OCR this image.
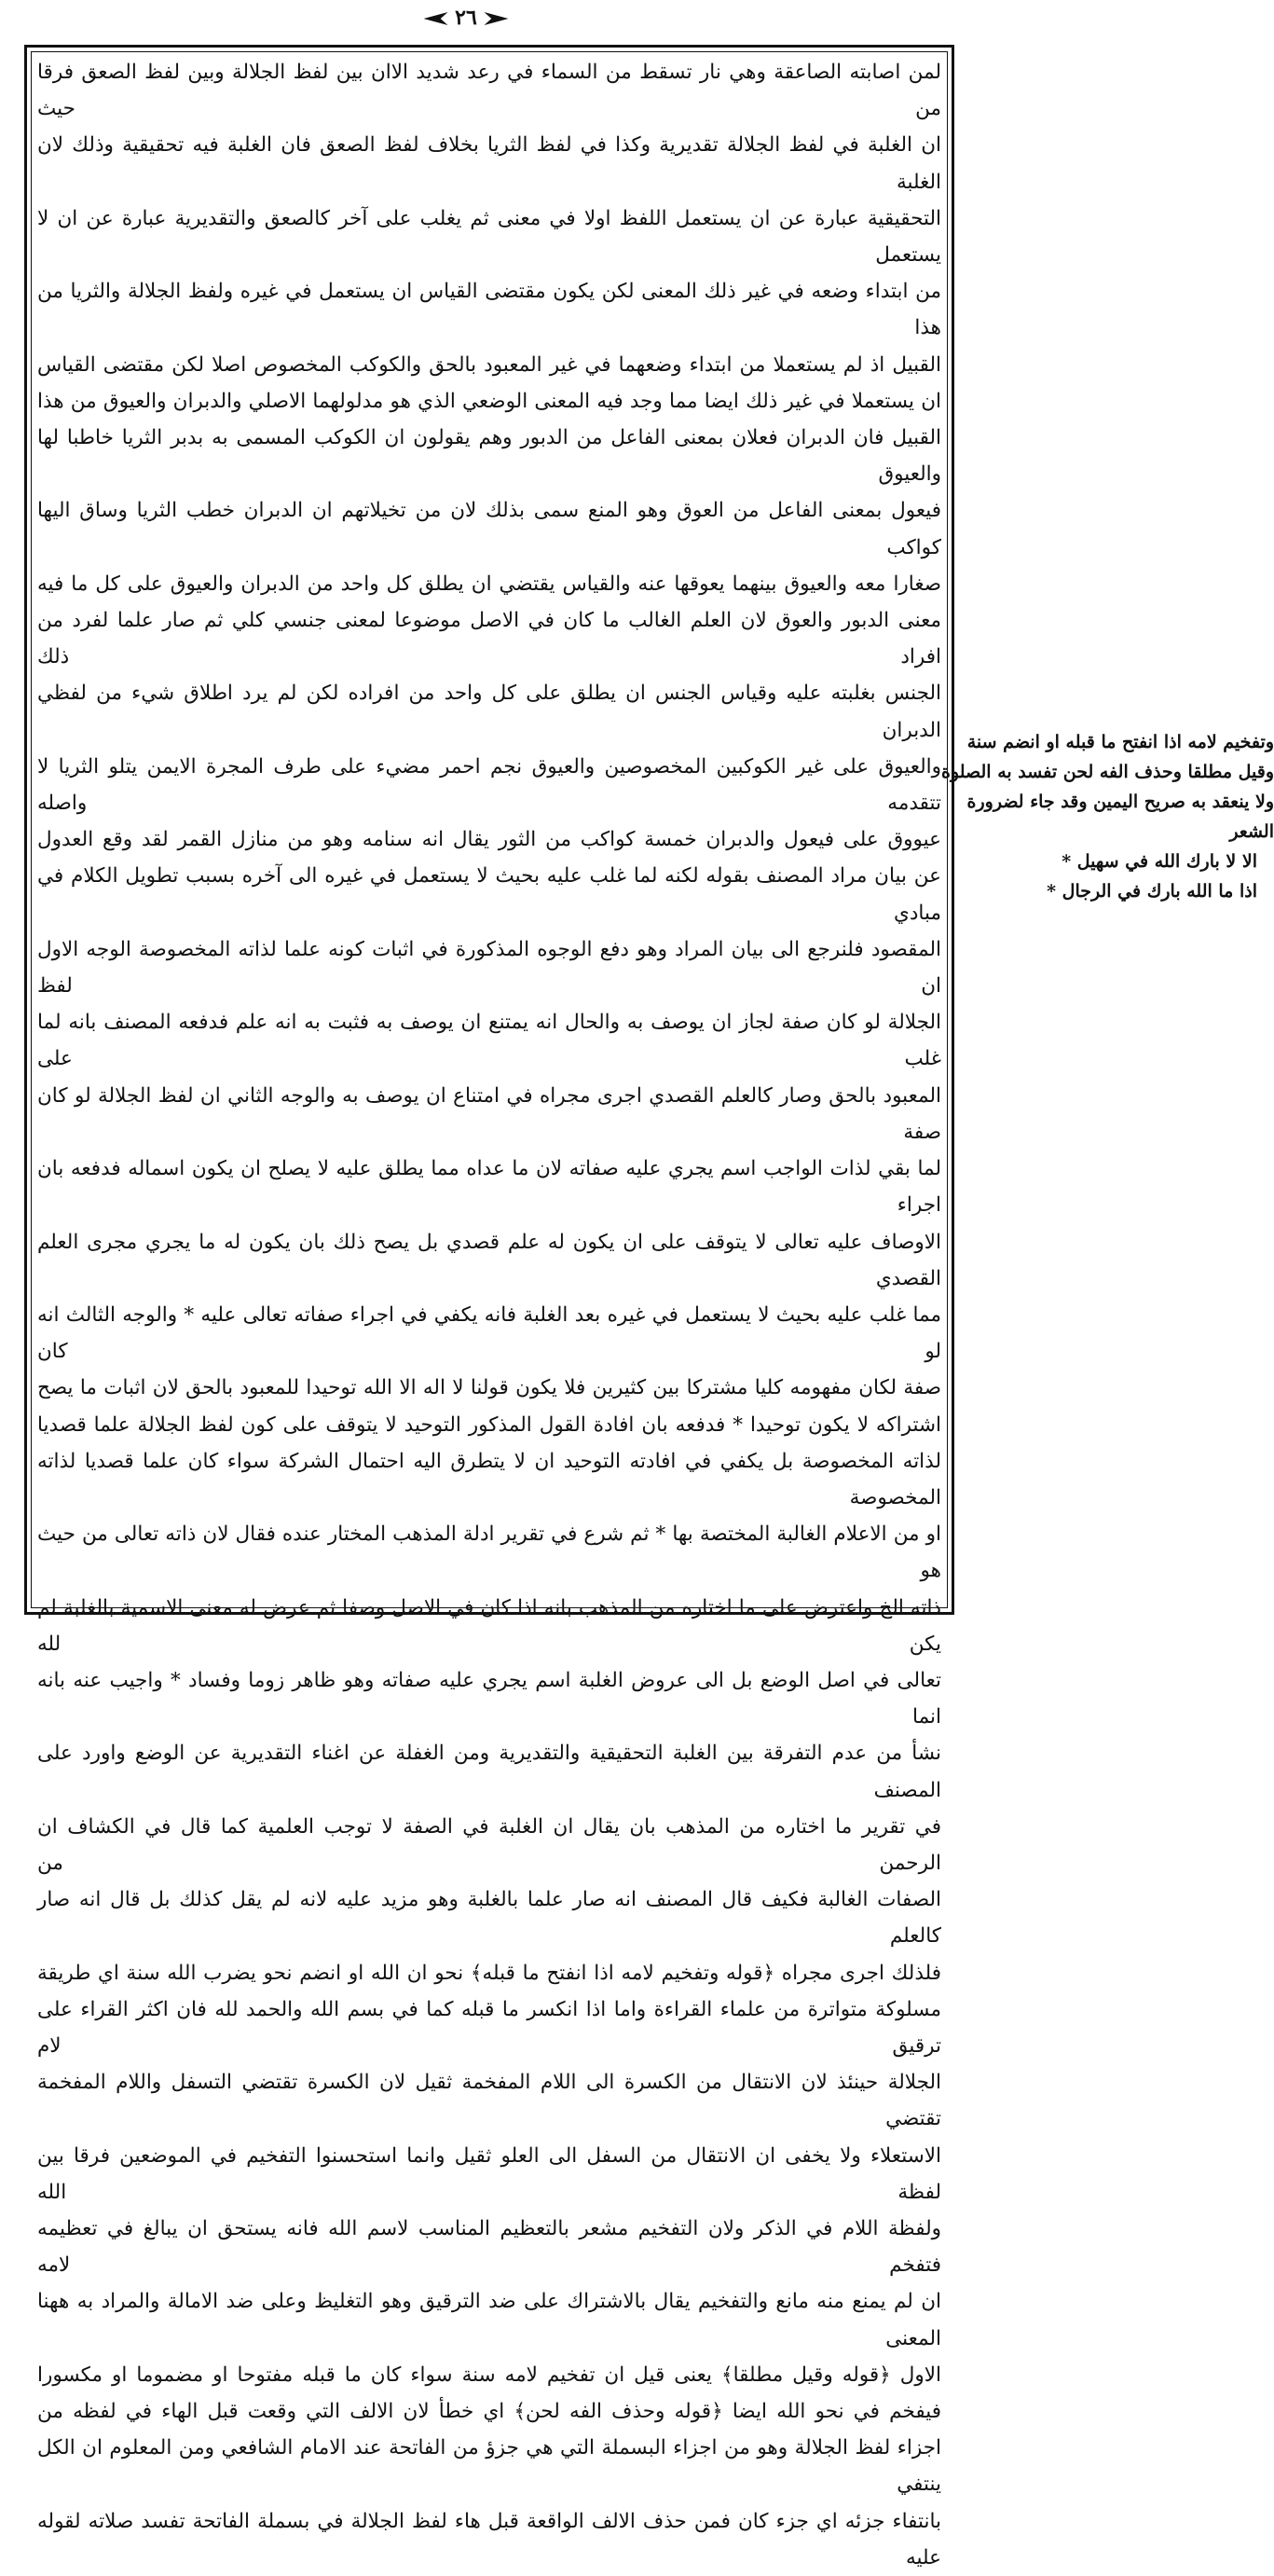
٢٦

لمن اصابته الصاعقة وهي نار تسقط من السماء في رعد شديد الاان بين لفظ الجلالة وبين لفظ الصعق فرقا من حيث

ان الغلبة في لفظ الجلالة تقديرية وكذا في لفظ الثريا بخلاف لفظ الصعق فان الغلبة فيه تحقيقية وذلك لان الغلبة

التحقيقية عبارة عن ان يستعمل اللفظ اولا في معنى ثم يغلب على آخر كالصعق والتقديرية عبارة عن ان لا يستعمل

من ابتداء وضعه في غير ذلك المعنى لكن يكون مقتضى القياس ان يستعمل في غيره ولفظ الجلالة والثريا من هذا

القبيل اذ لم يستعملا من ابتداء وضعهما في غير المعبود بالحق والكوكب المخصوص اصلا لكن مقتضى القياس

ان يستعملا في غير ذلك ايضا مما وجد فيه المعنى الوضعي الذي هو مدلولهما الاصلي والدبران والعيوق من هذا

القبيل فان الدبران فعلان بمعنى الفاعل من الدبور وهم يقولون ان الكوكب المسمى به بدبر الثريا خاطبا لها والعيوق

فيعول بمعنى الفاعل من العوق وهو المنع سمى بذلك لان من تخيلاتهم ان الدبران خطب الثريا وساق اليها كواكب

صغارا معه والعيوق بينهما يعوقها عنه والقياس يقتضي ان يطلق كل واحد من الدبران والعيوق على كل ما فيه

معنى الدبور والعوق لان العلم الغالب ما كان في الاصل موضوعا لمعنى جنسي كلي ثم صار علما لفرد من افراد ذلك

الجنس بغلبته عليه وقياس الجنس ان يطلق على كل واحد من افراده لكن لم يرد اطلاق شيء من لفظي الدبران

والعيوق على غير الكوكبين المخصوصين والعيوق نجم احمر مضيء على طرف المجرة الايمن يتلو الثريا لا تتقدمه واصله

عيووق على فيعول والدبران خمسة كواكب من الثور يقال انه سنامه وهو من منازل القمر لقد وقع العدول

عن بيان مراد المصنف بقوله لكنه لما غلب عليه بحيث لا يستعمل في غيره الى آخره بسبب تطويل الكلام في مبادي

المقصود فلنرجع الى بيان المراد وهو دفع الوجوه المذكورة في اثبات كونه علما لذاته المخصوصة الوجه الاول ان لفظ

الجلالة لو كان صفة لجاز ان يوصف به والحال انه يمتنع ان يوصف به فثبت به انه علم فدفعه المصنف بانه لما غلب على

المعبود بالحق وصار كالعلم القصدي اجرى مجراه في امتناع ان يوصف به والوجه الثاني ان لفظ الجلالة لو كان صفة

لما بقي لذات الواجب اسم يجري عليه صفاته لان ما عداه مما يطلق عليه لا يصلح ان يكون اسماله فدفعه بان اجراء

الاوصاف عليه تعالى لا يتوقف على ان يكون له علم قصدي بل يصح ذلك بان يكون له ما يجري مجرى العلم القصدي

مما غلب عليه بحيث لا يستعمل في غيره بعد الغلبة فانه يكفي في اجراء صفاته تعالى عليه * والوجه الثالث انه لو كان

صفة لكان مفهومه كليا مشتركا بين كثيرين فلا يكون قولنا لا اله الا الله توحيدا للمعبود بالحق لان اثبات ما يصح

اشتراكه لا يكون توحيدا * فدفعه بان افادة القول المذكور التوحيد لا يتوقف على كون لفظ الجلالة علما قصديا

لذاته المخصوصة بل يكفي في افادته التوحيد ان لا يتطرق اليه احتمال الشركة سواء كان علما قصديا لذاته المخصوصة

او من الاعلام الغالبة المختصة بها * ثم شرع في تقرير ادلة المذهب المختار عنده فقال لان ذاته تعالى من حيث هو

ذاته الخ واعترض على ما اختاره من المذهب بانه اذا كان في الاصل وصفا ثم عرض له معنى الاسمية بالغلبة لم يكن لله

تعالى في اصل الوضع بل الى عروض الغلبة اسم يجري عليه صفاته وهو ظاهر زوما وفساد * واجيب عنه بانه انما

نشأ من عدم التفرقة بين الغلبة التحقيقية والتقديرية ومن الغفلة عن اغناء التقديرية عن الوضع واورد على المصنف

في تقرير ما اختاره من المذهب بان يقال ان الغلبة في الصفة لا توجب العلمية كما قال في الكشاف ان الرحمن من

الصفات الغالبة فكيف قال المصنف انه صار علما بالغلبة وهو مزيد عليه لانه لم يقل كذلك بل قال انه صار كالعلم

فلذلك اجرى مجراه ﴿قوله وتفخيم لامه اذا انفتح ما قبله﴾ نحو ان الله او انضم نحو يضرب الله سنة اي طريقة

مسلوكة متواترة من علماء القراءة واما اذا انكسر ما قبله كما في بسم الله والحمد لله فان اكثر القراء على ترقيق لام

الجلالة حينئذ لان الانتقال من الكسرة الى اللام المفخمة ثقيل لان الكسرة تقتضي التسفل واللام المفخمة تقتضي

الاستعلاء ولا يخفى ان الانتقال من السفل الى العلو ثقيل وانما استحسنوا التفخيم في الموضعين فرقا بين لفظة الله

ولفظة اللام في الذكر ولان التفخيم مشعر بالتعظيم المناسب لاسم الله فانه يستحق ان يبالغ في تعظيمه فتفخم لامه

ان لم يمنع منه مانع والتفخيم يقال بالاشتراك على ضد الترقيق وهو التغليظ وعلى ضد الامالة والمراد به ههنا المعنى

الاول ﴿قوله وقيل مطلقا﴾ يعنى قيل ان تفخيم لامه سنة سواء كان ما قبله مفتوحا او مضموما او مكسورا

فيفخم في نحو الله ايضا ﴿قوله وحذف الفه لحن﴾ اي خطأ لان الالف التي وقعت قبل الهاء في لفظه من

اجزاء لفظ الجلالة وهو من اجزاء البسملة التي هي جزؤ من الفاتحة عند الامام الشافعي ومن المعلوم ان الكل ينتفي

بانتفاء جزئه اي جزء كان فمن حذف الالف الواقعة قبل هاء لفظ الجلالة في بسملة الفاتحة تفسد صلاته لقوله عليه

وتفخيم لامه اذا انفتح ما قبله او انضم سنة

وقيل مطلقا وحذف الفه لحن تفسد به الصلوة

ولا ينعقد به صريح اليمين وقد جاء لضرورة

الشعر

الا لا بارك الله في سهيل *

اذا ما الله بارك في الرجال *
